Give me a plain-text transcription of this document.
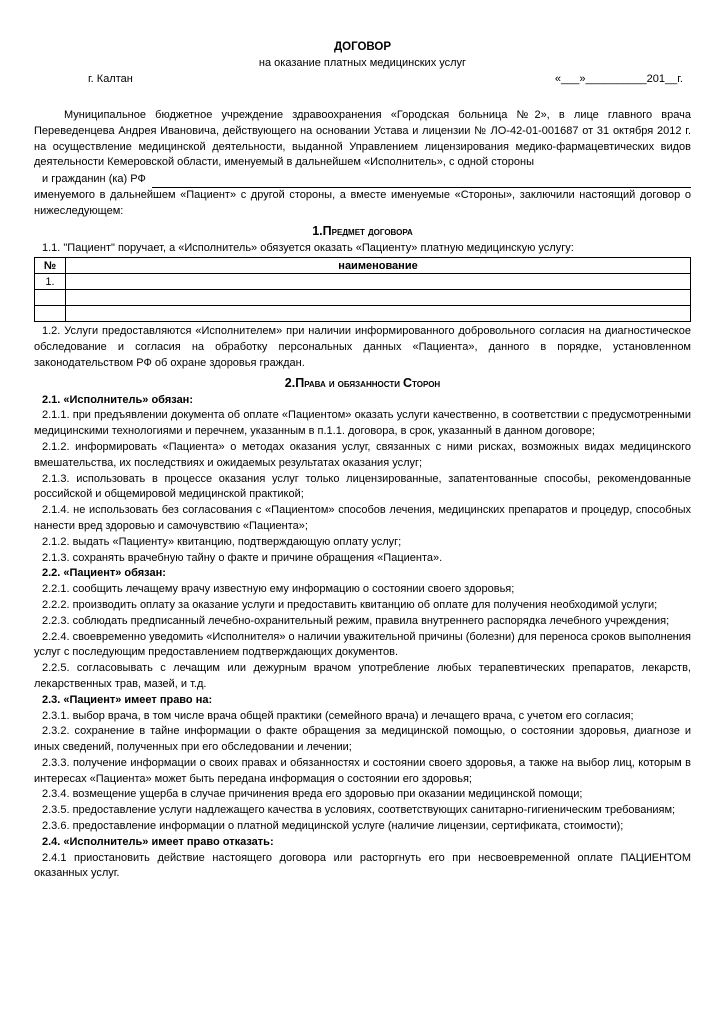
ДОГОВОР
на оказание платных медицинских услуг
г. Калтан	«___»__________201__г.

Муниципальное бюджетное учреждение здравоохранения «Городская больница №2», в лице главного врача Переведенцева Андрея Ивановича, действующего на основании Устава и лицензии № ЛО-42-01-001687 от 31 октября 2012 г. на осуществление медицинской деятельности, выданной Управлением лицензирования медико-фармацевтических видов деятельности Кемеровской области, именуемый в дальнейшем «Исполнитель», с одной стороны

и гражданин (ка) РФ

именуемого в дальнейшем «Пациент» с другой стороны, а вместе именуемые «Стороны», заключили настоящий договор о нижеследующем:

1.Предмет договора

1.1. "Пациент" поручает, а «Исполнитель» обязуется оказать «Пациенту» платную медицинскую услугу:

№	наименование
1.	

1.2. Услуги предоставляются «Исполнителем» при наличии информированного добровольного согласия на диагностическое обследование и согласия на обработку персональных данных «Пациента», данного в порядке, установленном законодательством РФ об охране здоровья граждан.

2.Права и обязанности Сторон
2.1. «Исполнитель» обязан:

2.1.1. при предъявлении документа об оплате «Пациентом» оказать услуги качественно, в соответствии с предусмотренными медицинскими технологиями и перечнем, указанным в п.1.1. договора, в срок, указанный в данном договоре;

2.1.2. информировать «Пациента» о методах оказания услуг, связанных с ними рисках, возможных видах медицинского вмешательства, их последствиях и ожидаемых результатах оказания услуг;

2.1.3. использовать в процессе оказания услуг только лицензированные, запатентованные способы, рекомендованные российской и общемировой медицинской практикой;

2.1.4. не использовать без согласования с «Пациентом» способов лечения, медицинских препаратов и процедур, способных нанести вред здоровью и самочувствию «Пациента»;

2.1.2. выдать «Пациенту» квитанцию, подтверждающую оплату услуг;

2.1.3. сохранять врачебную тайну о факте и причине обращения «Пациента».

2.2. «Пациент» обязан:

2.2.1. сообщить лечащему врачу известную ему информацию о состоянии своего здоровья;

2.2.2. производить оплату за оказание услуги и предоставить квитанцию об оплате для получения необходимой услуги;

2.2.3. соблюдать предписанный лечебно-охранительный режим, правила внутреннего распорядка лечебного учреждения;

2.2.4. своевременно уведомить «Исполнителя» о наличии уважительной причины (болезни) для переноса сроков выполнения услуг с последующим предоставлением подтверждающих документов.

2.2.5. согласовывать с лечащим или дежурным врачом употребление любых терапевтических препаратов, лекарств, лекарственных трав, мазей, и т.д.

2.3. «Пациент» имеет право на:

2.3.1. выбор врача, в том числе врача общей практики (семейного врача) и лечащего врача, с учетом его согласия;

2.3.2. сохранение в тайне информации о факте обращения за медицинской помощью, о состоянии здоровья, диагнозе и иных сведений, полученных при его обследовании и лечении;

2.3.3. получение информации о своих правах и обязанностях и состоянии своего здоровья, а также на выбор лиц, которым в интересах «Пациента» может быть передана информация о состоянии его здоровья;

2.3.4. возмещение ущерба в случае причинения вреда его здоровью при оказании медицинской помощи;

2.3.5. предоставление услуги надлежащего качества в условиях, соответствующих санитарно-гигиеническим требованиям;

2.3.6. предоставление информации о платной медицинской услуге (наличие лицензии, сертификата, стоимости);

2.4. «Исполнитель» имеет право отказать:

2.4.1 приостановить действие настоящего договора или расторгнуть его при несвоевременной оплате ПАЦИЕНТОМ оказанных услуг.
